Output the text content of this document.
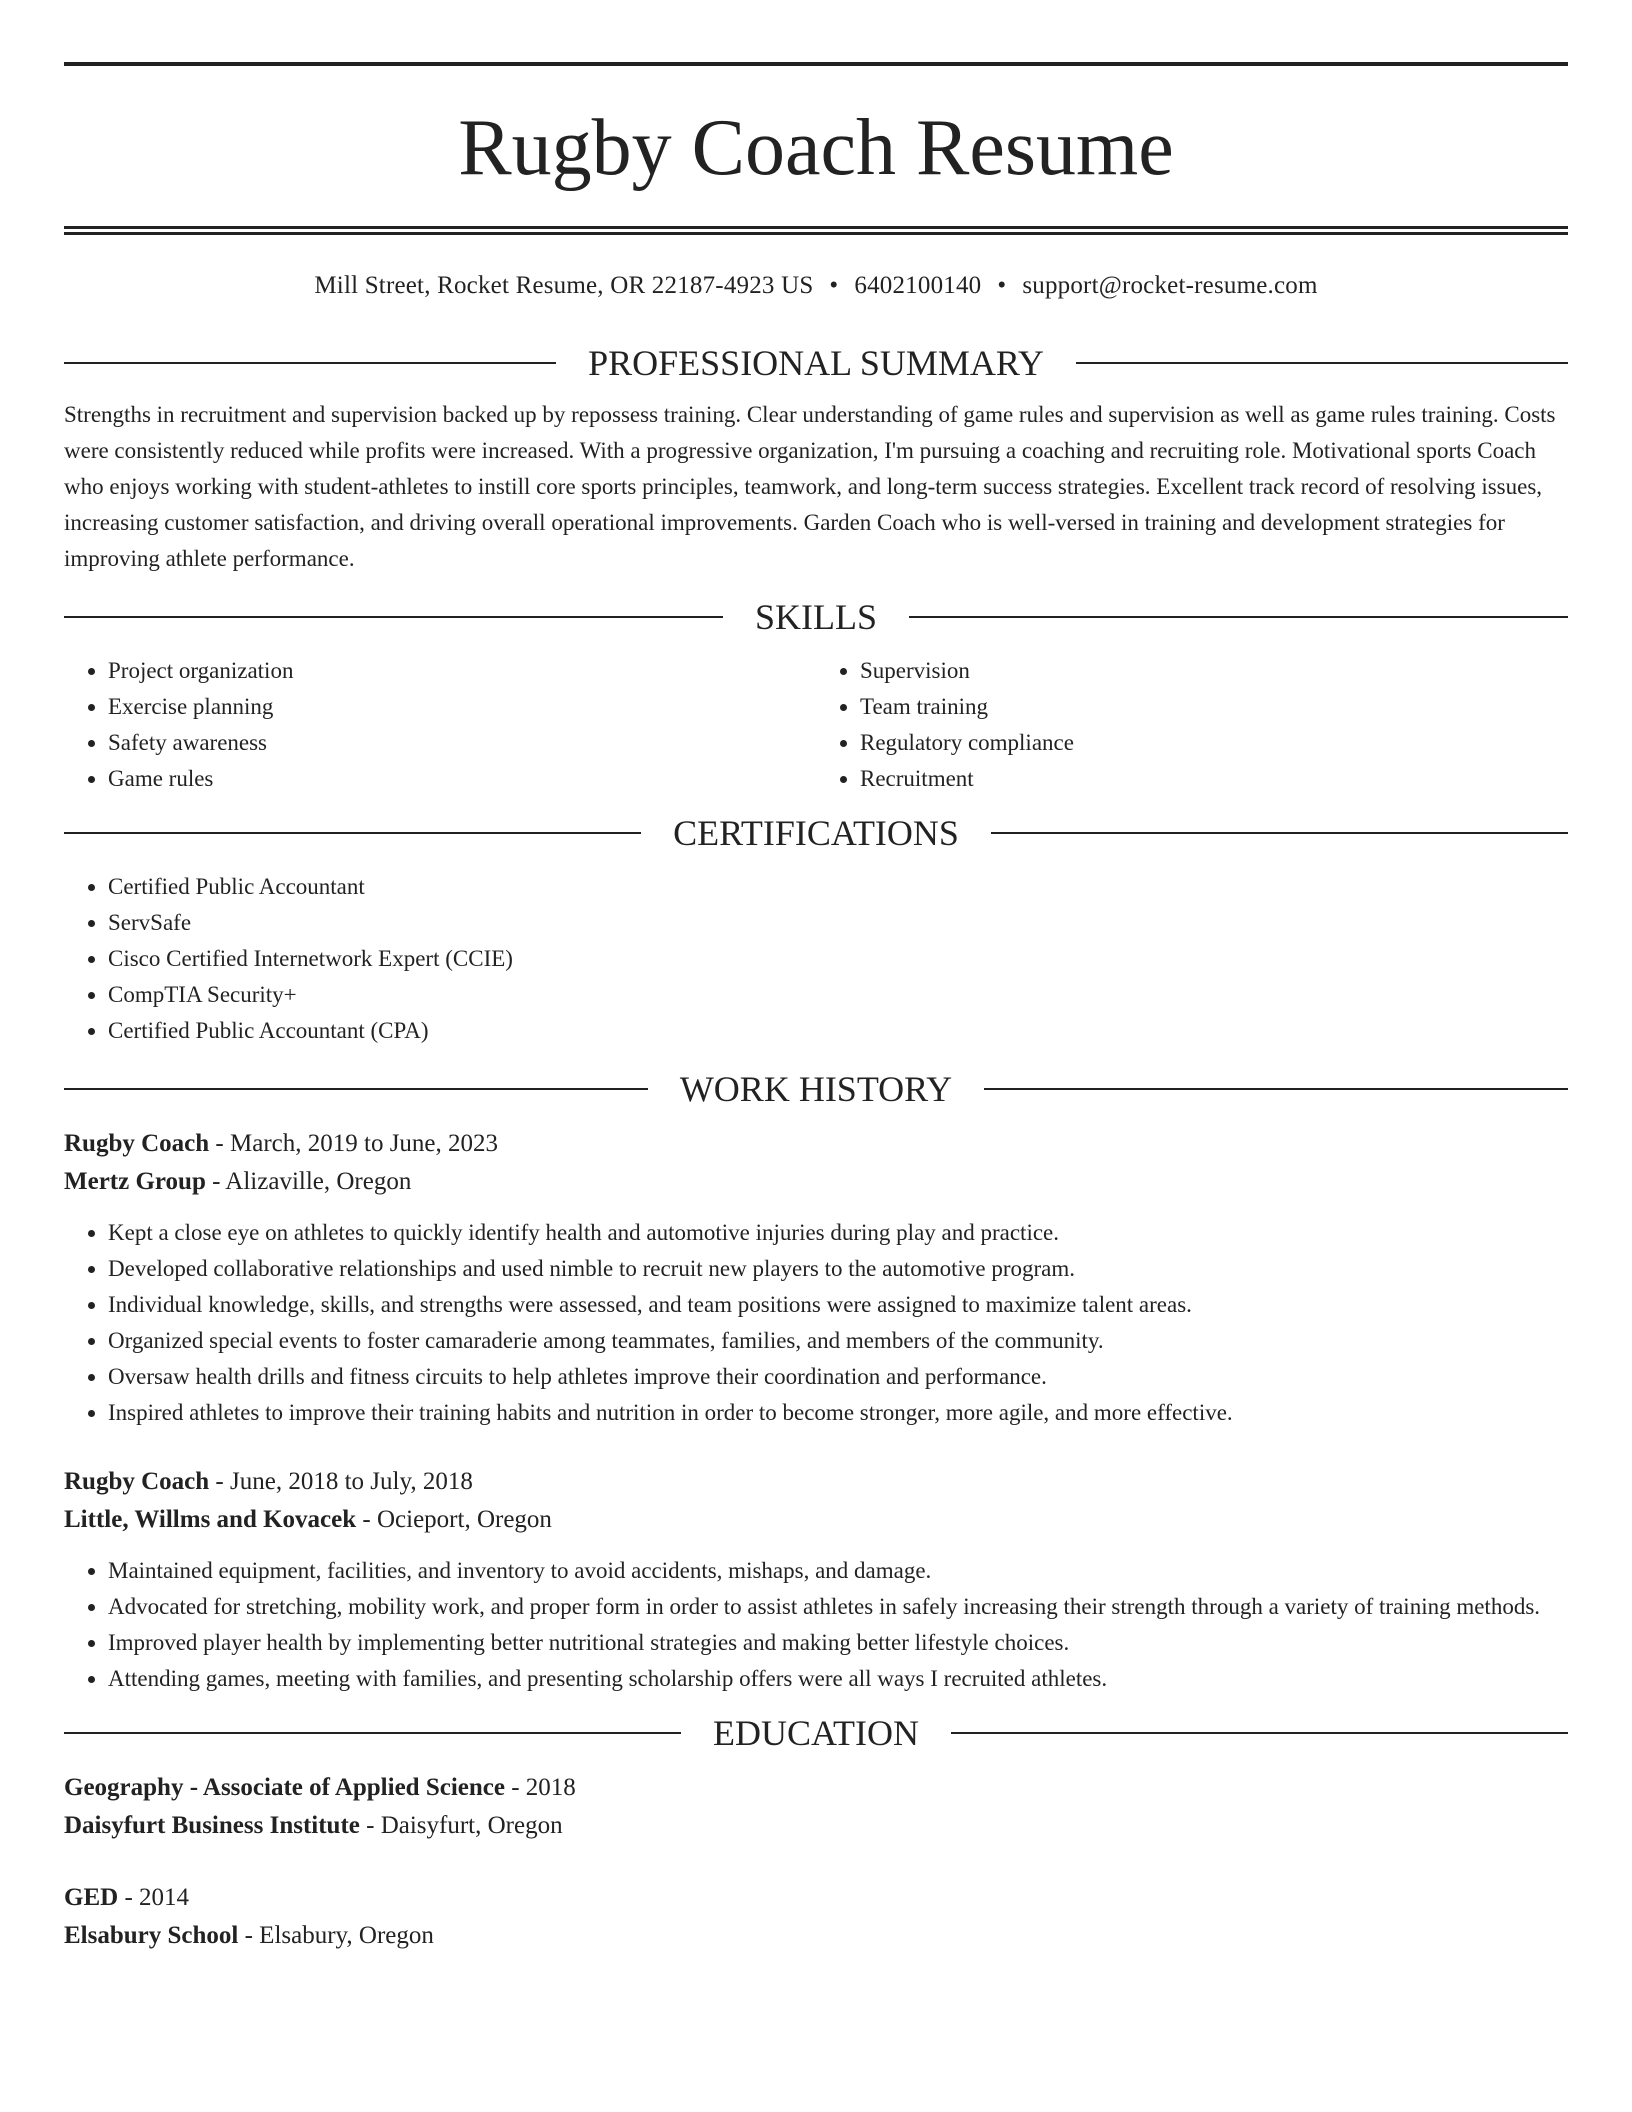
Rugby Coach Resume
Mill Street, Rocket Resume, OR 22187-4923 US • 6402100140 • support@rocket-resume.com
PROFESSIONAL SUMMARY

Strengths in recruitment and supervision backed up by repossess training. Clear understanding of game rules and supervision as well as game rules training. Costs were consistently reduced while profits were increased. With a progressive organization, I'm pursuing a coaching and recruiting role. Motivational sports Coach who enjoys working with student-athletes to instill core sports principles, teamwork, and long-term success strategies. Excellent track record of resolving issues, increasing customer satisfaction, and driving overall operational improvements. Garden Coach who is well-versed in training and development strategies for improving athlete performance.

SKILLS
• Project organization
• Exercise planning
• Safety awareness
• Game rules
• Supervision
• Team training
• Regulatory compliance
• Recruitment
CERTIFICATIONS
• Certified Public Accountant
• ServSafe
• Cisco Certified Internetwork Expert (CCIE)
• CompTIA Security+
• Certified Public Accountant (CPA)
WORK HISTORY
Rugby Coach - March, 2019 to June, 2023
Mertz Group - Alizaville, Oregon
• Kept a close eye on athletes to quickly identify health and automotive injuries during play and practice.
• Developed collaborative relationships and used nimble to recruit new players to the automotive program.
• Individual knowledge, skills, and strengths were assessed, and team positions were assigned to maximize talent areas.
• Organized special events to foster camaraderie among teammates, families, and members of the community.
• Oversaw health drills and fitness circuits to help athletes improve their coordination and performance.
• Inspired athletes to improve their training habits and nutrition in order to become stronger, more agile, and more effective.
Rugby Coach - June, 2018 to July, 2018
Little, Willms and Kovacek - Ocieport, Oregon
• Maintained equipment, facilities, and inventory to avoid accidents, mishaps, and damage.
• Advocated for stretching, mobility work, and proper form in order to assist athletes in safely increasing their strength through a variety of training methods.
• Improved player health by implementing better nutritional strategies and making better lifestyle choices.
• Attending games, meeting with families, and presenting scholarship offers were all ways I recruited athletes.
EDUCATION
Geography - Associate of Applied Science - 2018
Daisyfurt Business Institute - Daisyfurt, Oregon
GED - 2014
Elsabury School - Elsabury, Oregon
